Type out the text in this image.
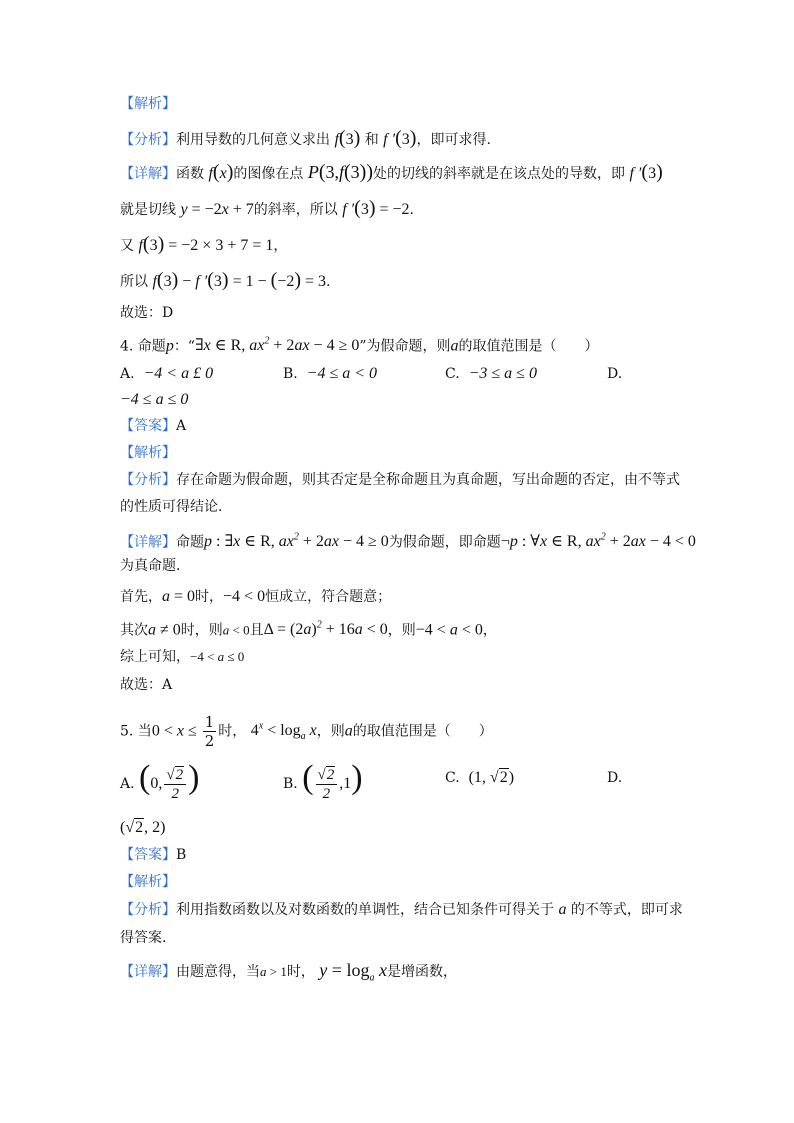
【解析】
【分析】利用导数的几何意义求出 f(3) 和 f ′(3)，即可求得.
【详解】函数 f(x)的图像在点 P(3,f(3))处的切线的斜率就是在该点处的导数，即 f ′(3)
就是切线 y = −2x + 7的斜率，所以 f ′(3) = −2.
又 f(3) = −2 × 3 + 7 = 1，
所以 f(3) − f ′(3) = 1 − (−2) = 3.
故选：D
4. 命题p：“∃x ∈ R, $ax^2 + 2ax - 4 \ge 0$”为假命题，则a的取值范围是（　　）
A. −4 < a £ 0	B. −4 ≤ a < 0	C. −3 ≤ a ≤ 0	D.
−4 ≤ a ≤ 0
【答案】A
【解析】
【分析】存在命题为假命题，则其否定是全称命题且为真命题，写出命题的否定，由不等式
的性质可得结论.
【详解】命题p : ∃x ∈ R, $ax^2 + 2ax - 4 \ge 0$为假命题，即命题¬p : ∀x ∈ R, $ax^2 + 2ax - 4 < 0$
为真命题.
首先，a = 0时，−4 < 0恒成立，符合题意；
其次a ≠ 0时，则a < 0且$\Delta = (2a)^2 + 16a < 0$，则−4 < a < 0，
综上可知，−4 < a ≤ 0
故选：A
5. 当$0 < x \le \frac{1}{2}$ 时， $4^x < \log_a x$，则a的取值范围是（　　）
A. (0, $\frac{√2}{2}$ )	B. ( $\frac{√2}{2} ,1$)	C. (1, √2)	D.
(√2, 2)
【答案】B
【解析】
【分析】利用指数函数以及对数函数的单调性，结合已知条件可得关于 a 的不等式，即可求
得答案.
【详解】由题意得，当a > 1时， $y = \log_a x$是增函数，
